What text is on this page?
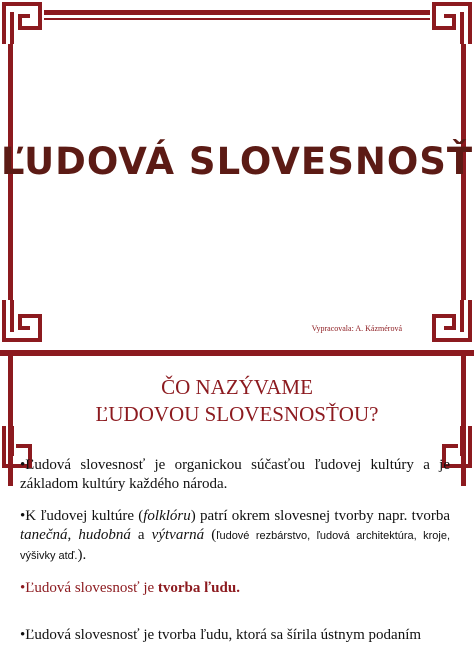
ĽUDOVÁ SLOVESNOSŤ
Vypracovala: A. Kázmérová
ČO NAZÝVAME
ĽUDOVOU SLOVESNOSŤOU?

•Ľudová slovesnosť je organickou súčasťou ľudovej kultúry a je základom kultúry každého národa.

•K ľudovej kultúre (folklóru) patrí okrem slovesnej tvorby napr. tvorba tanečná, hudobná a výtvarná (ľudové rezbárstvo, ľudová architektúra, kroje, výšivky atď.).

•Ľudová slovesnosť je tvorba ľudu.

•Ľudová slovesnosť je tvorba ľudu, ktorá sa šírila ústnym podaním
